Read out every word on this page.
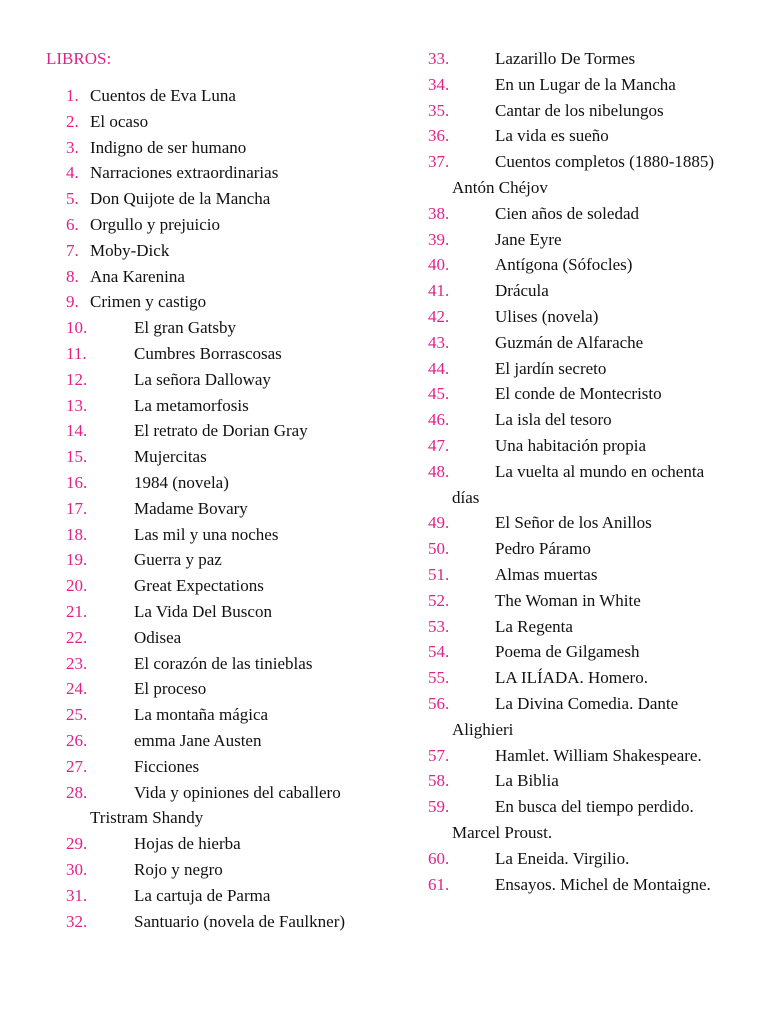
LIBROS:
1. Cuentos de Eva Luna
2. El ocaso
3. Indigno de ser humano
4. Narraciones extraordinarias
5. Don Quijote de la Mancha
6. Orgullo y prejuicio
7. Moby-Dick
8. Ana Karenina
9. Crimen y castigo
10.	El gran Gatsby
11.	Cumbres Borrascosas
12.	La señora Dalloway
13.	La metamorfosis
14.	El retrato de Dorian Gray
15.	Mujercitas
16.	1984 (novela)
17.	Madame Bovary
18.	Las mil y una noches
19.	Guerra y paz
20.	Great Expectations
21.	La Vida Del Buscon
22.	Odisea
23.	El corazón de las tinieblas
24.	El proceso
25.	La montaña mágica
26.	emma Jane Austen
27.	Ficciones
28.	Vida y opiniones del caballero Tristram Shandy
29.	Hojas de hierba
30.	Rojo y negro
31.	La cartuja de Parma
32.	Santuario (novela de Faulkner)
33.	Lazarillo De Tormes
34.	En un Lugar de la Mancha
35.	Cantar de los nibelungos
36.	La vida es sueño
37.	Cuentos completos (1880-1885) Antón Chéjov
38.	Cien años de soledad
39.	Jane Eyre
40.	Antígona (Sófocles)
41.	Drácula
42.	Ulises (novela)
43.	Guzmán de Alfarache
44.	El jardín secreto
45.	El conde de Montecristo
46.	La isla del tesoro
47.	Una habitación propia
48.	La vuelta al mundo en ochenta días
49.	El Señor de los Anillos
50.	Pedro Páramo
51.	Almas muertas
52.	The Woman in White
53.	La Regenta
54.	Poema de Gilgamesh
55.	LA ILÍADA. Homero.
56.	La Divina Comedia. Dante Alighieri
57.	Hamlet. William Shakespeare.
58.	La Biblia
59.	En busca del tiempo perdido. Marcel Proust.
60.	La Eneida. Virgilio.
61.	Ensayos. Michel de Montaigne.
